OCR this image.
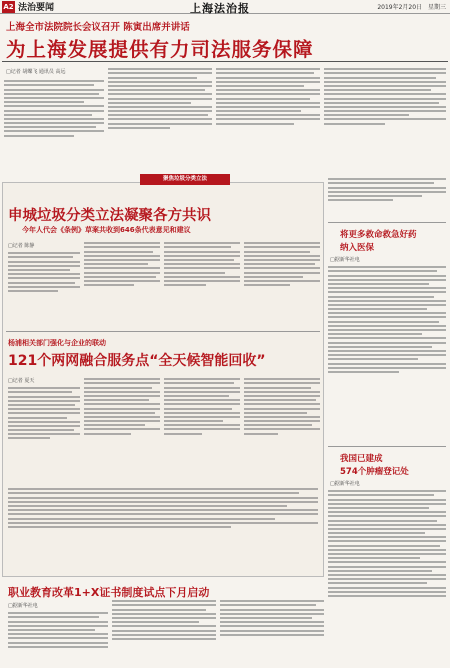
A2 法治要闻	上海法治报	2019年2月20日 星期三
上海全市法院院长会议召开 陈寅出席并讲话
为上海发展提供有力司法服务保障
□记者 胡蝶飞 通讯员 高远
聚焦垃圾分类立法
申城垃圾分类立法凝聚各方共识
今年人代会《条例》草案共收到646条代表意见和建议
□记者 陈静
杨浦相关部门强化与企业的联动
121个两网融合服务点“全天候智能回收”
□记者 夏天
职业教育改革1+X证书制度试点下月启动
□据新华社电
将更多救命救急好药
纳入医保
□据新华社电
我国已建成
574个肿瘤登记处
□据新华社电
